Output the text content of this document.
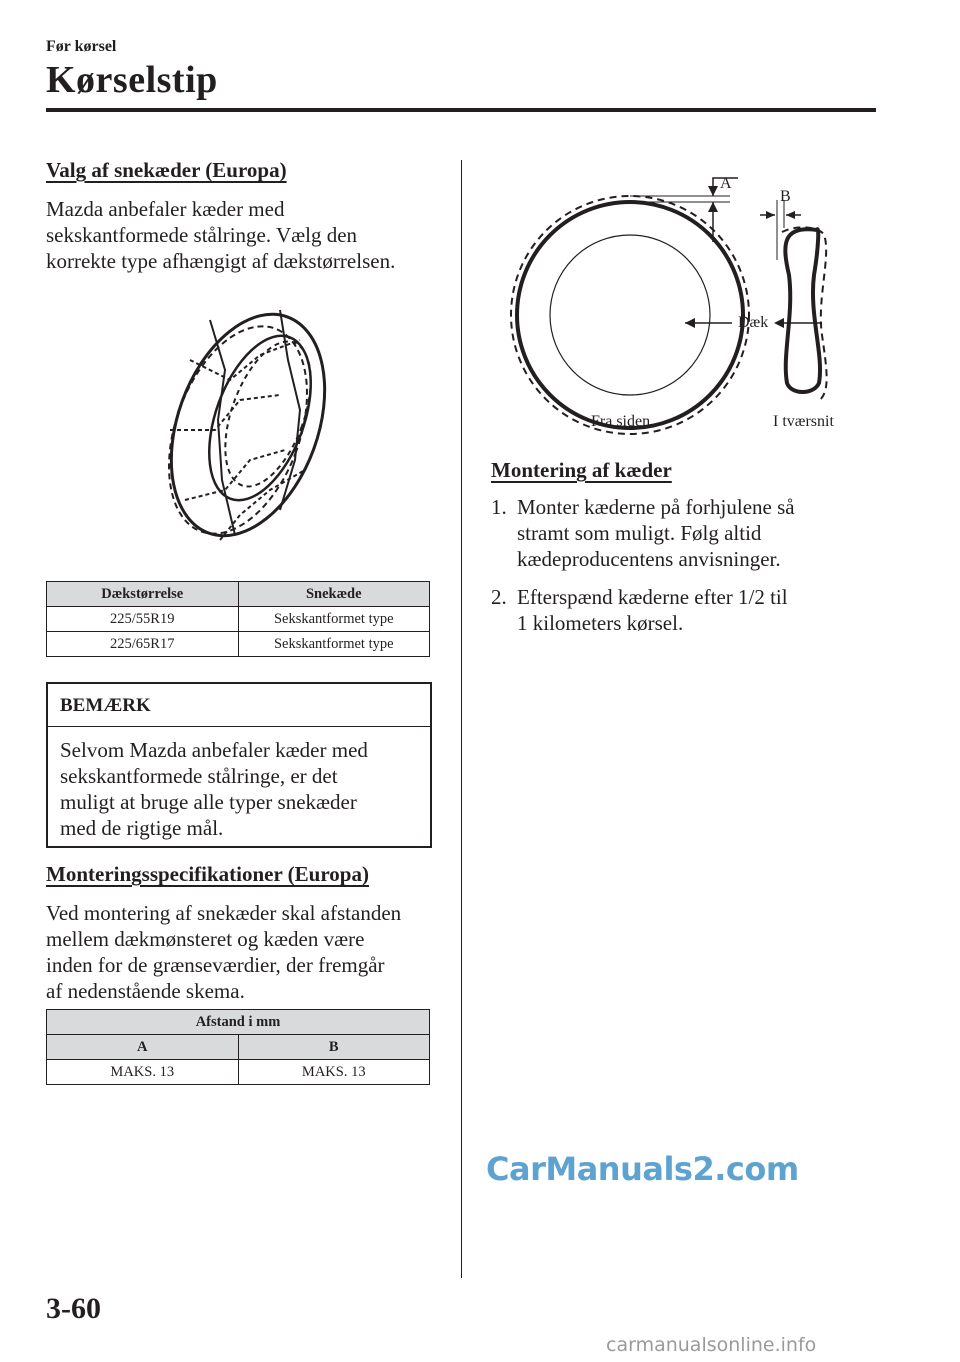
Før kørsel
Kørselstip
Valg af snekæder (Europa)
Mazda anbefaler kæder med
sekskantformede stålringe. Vælg den
korrekte type afhængigt af dækstørrelsen.
Dækstørrelse	Snekæde
225/55R19	Sekskantformet type
225/65R17	Sekskantformet type
BEMÆRK
Selvom Mazda anbefaler kæder med
sekskantformede stålringe, er det
muligt at bruge alle typer snekæder
med de rigtige mål.
Monteringsspecifikationer (Europa)
Ved montering af snekæder skal afstanden
mellem dækmønsteret og kæden være
inden for de grænseværdier, der fremgår
af nedenstående skema.
Afstand i mm	
A	B
MAKS. 13	MAKS. 13
A
B
Dæk
Fra siden	I tværsnit
Montering af kæder
1. Monter kæderne på forhjulene så
stramt som muligt. Følg altid
kædeproducentens anvisninger.
2. Efterspænd kæderne efter 1/2 til
1 kilometers kørsel.
CarManuals2.com
3-60
carmanualsonline.info
